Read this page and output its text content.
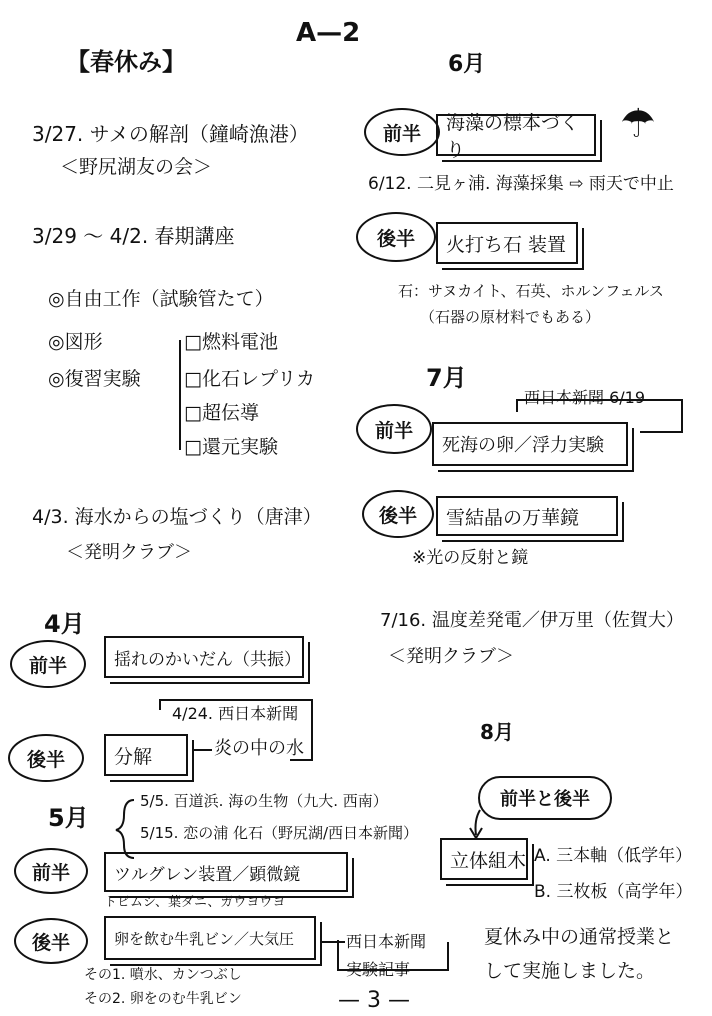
A—2
— 3 —
【春休み】
3/27. サメの解剖（鐘崎漁港）
＜野尻湖友の会＞
3/29 〜 4/2. 春期講座
◎自由工作（試験管たて）
◎図形
◎復習実験
□燃料電池
□化石レプリカ
□超伝導
□還元実験
4/3. 海水からの塩づくり（唐津）
＜発明クラブ＞
4月
前半	揺れのかいだん（共振）
4/24. 西日本新聞
後半	分解	炎の中の水
5月
5/5. 百道浜. 海の生物（九大. 西南）
5/15. 恋の浦 化石（野尻湖/西日本新聞）
前半	ツルグレン装置／顕微鏡
トビムシ、葉ダニ、ガウヨウヨ
後半	卵を飲む牛乳ビン／大気圧	西日本新聞
実験記事
その1. 噴水、カンつぶし
その2. 卵をのむ牛乳ビン
6月
前半	海藻の標本づくり
☂
6/12. 二見ヶ浦. 海藻採集 ⇨ 雨天で中止
後半	火打ち石 装置
石：サヌカイト、石英、ホルンフェルス
（石器の原材料でもある）
7月
西日本新聞 6/19
前半
死海の卵／浮力実験
後半	雪結晶の万華鏡
※光の反射と鏡
7/16. 温度差発電／伊万里（佐賀大）
＜発明クラブ＞
8月
前半と後半
立体組木 A. 三本軸（低学年）
B. 三枚板（高学年）
夏休み中の通常授業と
して実施しました。
